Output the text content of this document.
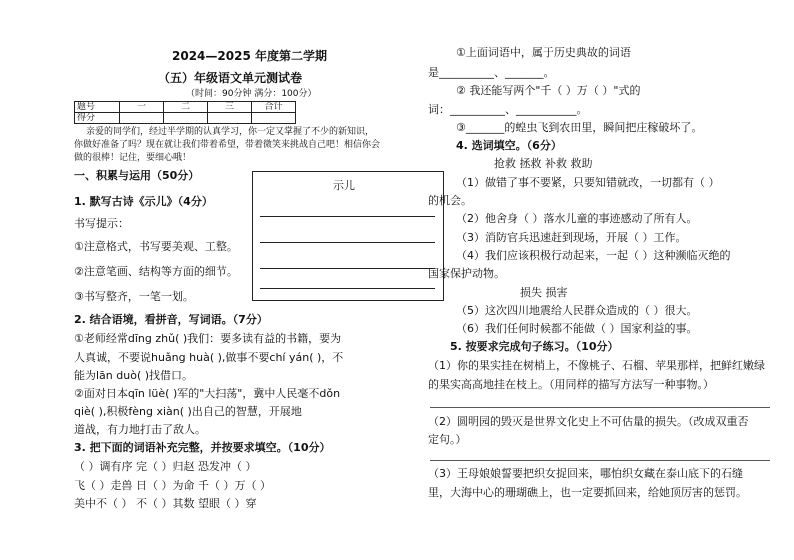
2024—2025 年度第二学期
（五）年级语文单元测试卷
（时间：90分钟 满分：100分）
题号	一	二	三	合计
得分				
亲爱的同学们，经过半学期的认真学习，你一定又掌握了不少的新知识，
你做好准备了吗？现在就让我们带着希望，带着微笑来挑战自己吧！相信你会
做的很棒！记住，要细心哦！
一、积累与运用（50分）
1. 默写古诗《示儿》（4分）
书写提示：
①注意格式，书写要美观、工整。
②注意笔画、结构等方面的细节。
③书写整齐，一笔一划。
示儿
2. 结合语境，看拼音，写词语。（7分）
①老师经常dīng zhǔ( )我们：要多读有益的书籍，要为
人真诚，不要说huǎng huà( ),做事不要chí yán( )，不
能为lān duò( )找借口。
②面对日本qīn lüè( )军的"大扫荡"，冀中人民毫不dǒn
qiè( ),积极fèng xiàn( )出自己的智慧，开展地
道战，有力地打击了敌人。
3. 把下面的词语补充完整，并按要求填空。（10分）
（ ）调有序 完（ ）归赵 恐发冲（ ）
飞（ ）走兽 日（ ）为命 千（ ）万（ ）
美中不（ ） 不（ ）其数 望眼（ ）穿
①上面词语中，属于历史典故的词语
是__________、_______。
② 我还能写两个"千（ ）万（ ）"式的
词：__________、___________。
③_______的蝗虫飞到农田里，瞬间把庄稼破坏了。
4. 选词填空。（6分）
抢救 拯救 补救 救助
（1）做错了事不要紧，只要知错就改，一切都有（ ）
的机会。
（2）他舍身（ ）落水儿童的事迹感动了所有人。
（3）消防官兵迅速赶到现场，开展（ ）工作。
（4）我们应该积极行动起来，一起（ ）这种濒临灭绝的
国家保护动物。
损失 损害
（5）这次四川地震给人民群众造成的（ ）很大。
（6）我们任何时候都不能做（ ）国家利益的事。
5. 按要求完成句子练习。（10分）
（1）你的果实挂在树梢上，不像桃子、石榴、苹果那样，把鲜红嫩绿
的果实高高地挂在枝上。（用同样的描写方法写一种事物。）
（2）圆明园的毁灭是世界文化史上不可估量的损失。（改成双重否
定句。）
（3）王母娘娘誓要把织女捉回来，哪怕织女藏在泰山底下的石缝
里，大海中心的珊瑚礁上，也一定要抓回来，给她顶厉害的惩罚。
